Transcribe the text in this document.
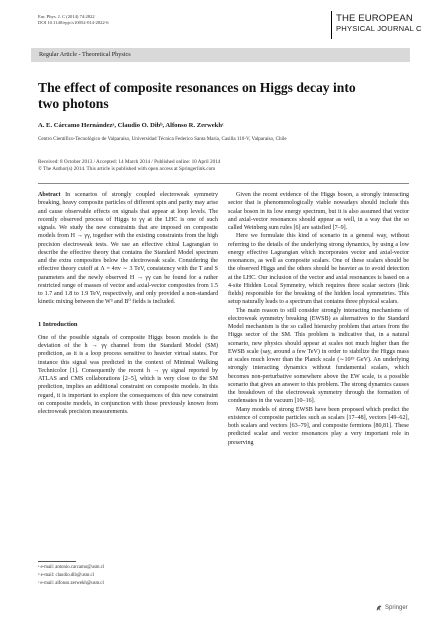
Eur. Phys. J. C (2014) 74:2822
DOI 10.1140/epjc/s10052-014-2822-6	THE EUROPEAN
PHYSICAL JOURNAL C
Regular Article - Theoretical Physics
The effect of composite resonances on Higgs decay into two photons
A. E. Cárcamo Hernándezᵃ, Claudio O. Dibᵇ, Alfonso R. Zerwekhᶜ
Centro Científico-Tecnológico de Valparaíso, Universidad Técnica Federico Santa María, Casilla 110-V, Valparaíso, Chile
Received: 8 October 2013 / Accepted: 14 March 2014 / Published online: 10 April 2014
© The Author(s) 2014. This article is published with open access at Springerlink.com

Abstract In scenarios of strongly coupled electroweak symmetry breaking, heavy composite particles of different spin and parity may arise and cause observable effects on signals that appear at loop levels. The recently observed process of Higgs to γγ at the LHC is one of such signals. We study the new constraints that are imposed on composite models from H → γγ, together with the existing constraints from the high precision electroweak tests. We use an effective chiral Lagrangian to describe the effective theory that contains the Standard Model spectrum and the extra composites below the electroweak scale. Considering the effective theory cutoff at Λ = 4πv ∼ 3 TeV, consistency with the T and S parameters and the newly observed H → γγ can be found for a rather restricted range of masses of vector and axial-vector composites from 1.5 to 1.7 and 1.8 to 1.9 TeV, respectively, and only provided a non-standard kinetic mixing between the W³ and B⁰ fields is included.

1 Introduction

One of the possible signals of composite Higgs boson models is the deviation of the h → γγ channel from the Standard Model (SM) prediction, as it is a loop process sensitive to heavier virtual states. For instance this signal was predicted in the context of Minimal Walking Technicolor [1]. Consequently the recent h → γγ signal reported by ATLAS and CMS collaborations [2–5], which is very close to the SM prediction, implies an additional constraint on composite models. In this regard, it is important to explore the consequences of this new constraint on composite models, in conjunction with those previously known from electroweak precision measurements.

Given the recent evidence of the Higgs boson, a strongly interacting sector that is phenomenologically viable nowadays should include this scalar boson in its low energy spectrum, but it is also assumed that vector and axial-vector resonances should appear as well, in a way that the so called Weinberg sum rules [6] are satisfied [7–9].

Here we formulate this kind of scenario in a general way, without referring to the details of the underlying strong dynamics, by using a low energy effective Lagrangian which incorporates vector and axial-vector resonances, as well as composite scalars. One of these scalars should be the observed Higgs and the others should be heavier as to avoid detection at the LHC. Our inclusion of the vector and axial resonances is based on a 4-site Hidden Local Symmetry, which requires three scalar sectors (link fields) responsible for the breaking of the hidden local symmetries. This setup naturally leads to a spectrum that contains three physical scalars.

The main reason to still consider strongly interacting mechanisms of electroweak symmetry breaking (EWSB) as alternatives to the Standard Model mechanism is the so called hierarchy problem that arises from the Higgs sector of the SM. This problem is indicative that, in a natural scenario, new physics should appear at scales not much higher than the EWSB scale (say, around a few TeV) in order to stabilize the Higgs mass at scales much lower than the Planck scale (∼10¹⁹ GeV). An underlying strongly interacting dynamics without fundamental scalars, which becomes non-perturbative somewhere above the EW scale, is a possible scenario that gives an answer to this problem. The strong dynamics causes the breakdown of the electroweak symmetry through the formation of condensates in the vacuum [10–16].

Many models of strong EWSB have been proposed which predict the existence of composite particles such as scalars [17–48], vectors [49–62], both scalars and vectors [63–79], and composite fermions [80,81]. These predicted scalar and vector resonances play a very important role in preserving

ᵃ e-mail: antonio.carcamo@usm.cl
ᵇ e-mail: claudio.dib@usm.cl
ᶜ e-mail: alfonso.zerwekh@usm.cl
Springer
